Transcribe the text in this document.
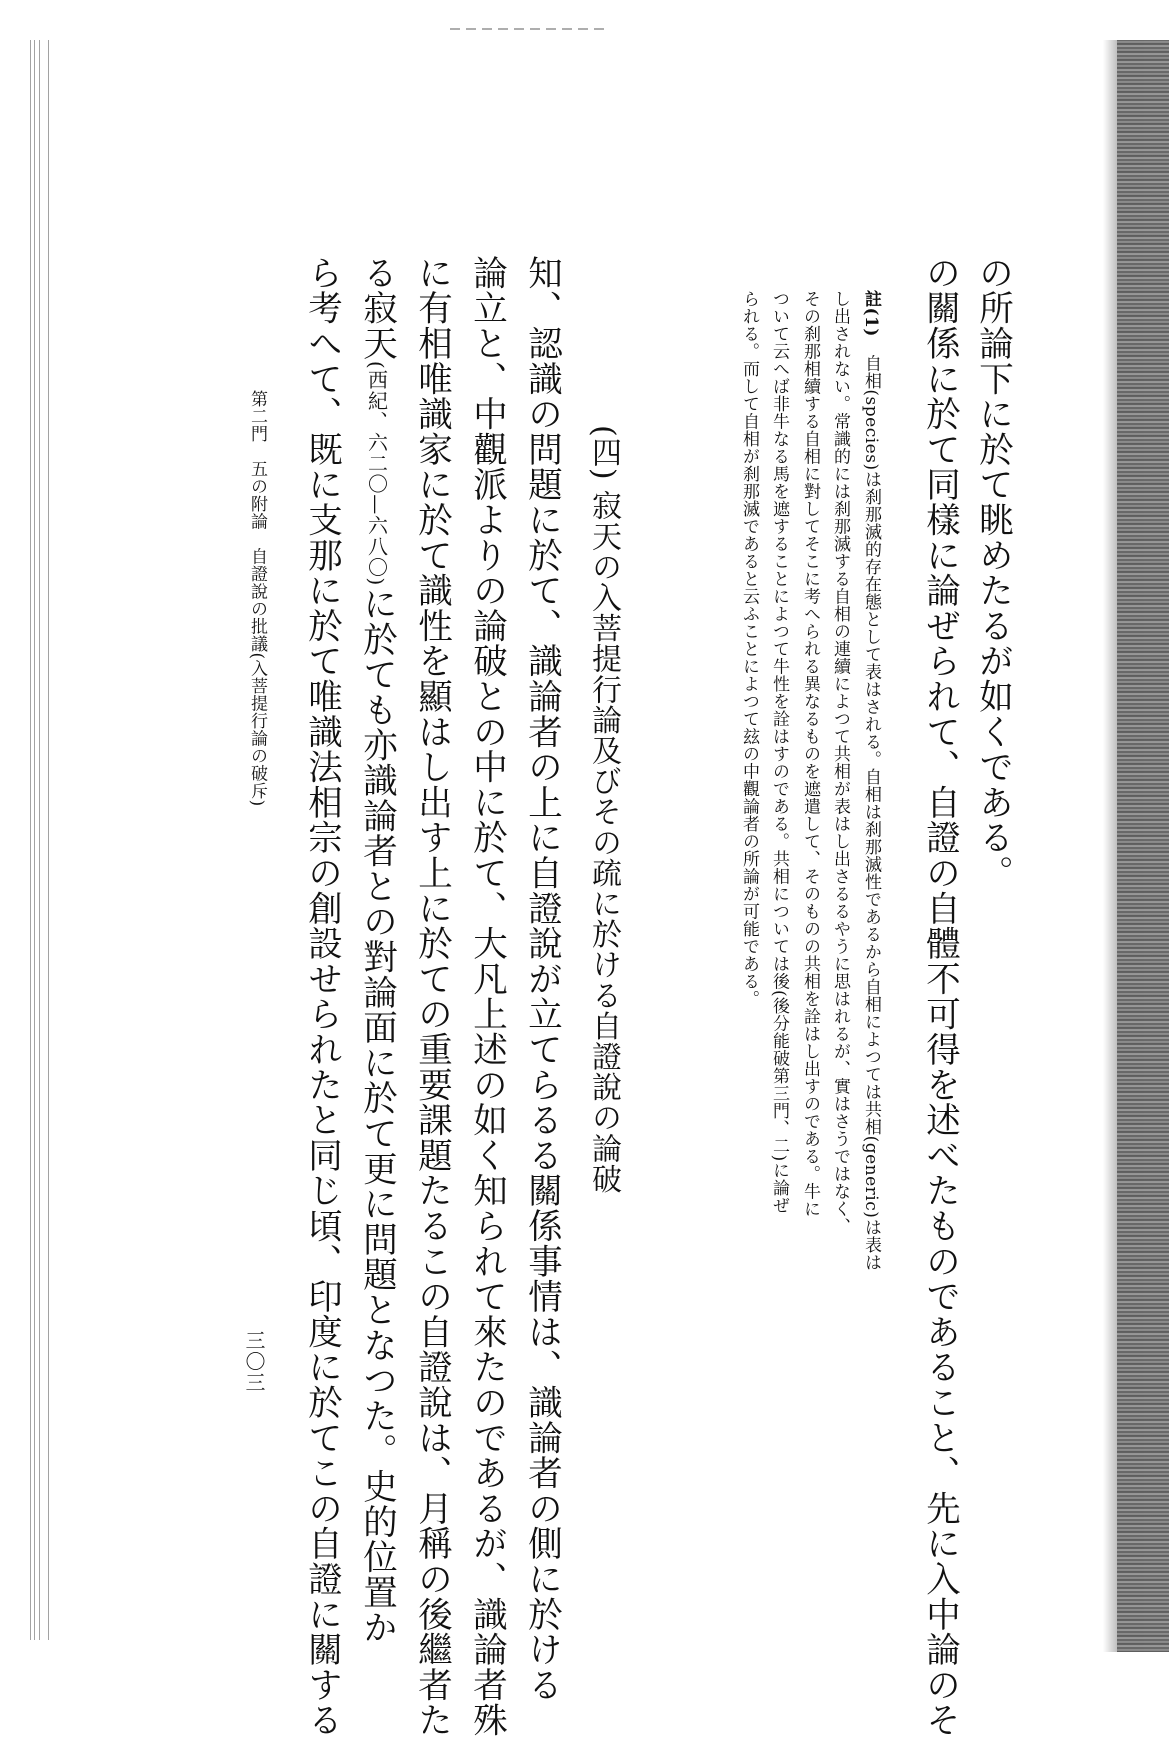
の所論下に於て眺めたるが如くである。
の關係に於て同樣に論ぜられて、自證の自體不可得を述べたものであること、先に入中論のそ
註(1)　自相(species)は刹那滅的存在態として表はされる。自相は刹那滅性であるから自相によつては共相(generic)は表は
し出されない。常識的には刹那滅する自相の連續によつて共相が表はし出さるるやうに思はれるが、實はさうではなく、
その刹那相續する自相に對してそこに考へられる異なるものを遮遣して、そのものの共相を詮はし出すのである。牛に
ついて云へば非牛なる馬を遮することによつて牛性を詮はすのである。共相については後(後分能破第三門、二)に論ぜ
られる。而して自相が刹那滅であると云ふことによつて玆の中觀論者の所論が可能である。
(四) 寂天の入菩提行論及びその疏に於ける自證說の論破
知、認識の問題に於て、識論者の上に自證說が立てらるる關係事情は、識論者の側に於ける
論立と、中觀派よりの論破との中に於て、大凡上述の如く知られて來たのであるが、識論者殊
に有相唯識家に於て識性を顯はし出す上に於ての重要課題たるこの自證說は、月稱の後繼者た
る寂天(西紀、六二〇—六八〇)に於ても亦識論者との對論面に於て更に問題となつた。史的位置か
ら考へて、既に支那に於て唯識法相宗の創設せられたと同じ頃、印度に於てこの自證に關する
第二門　五の附論　自證說の批議(入菩提行論の破斥)
三〇三
